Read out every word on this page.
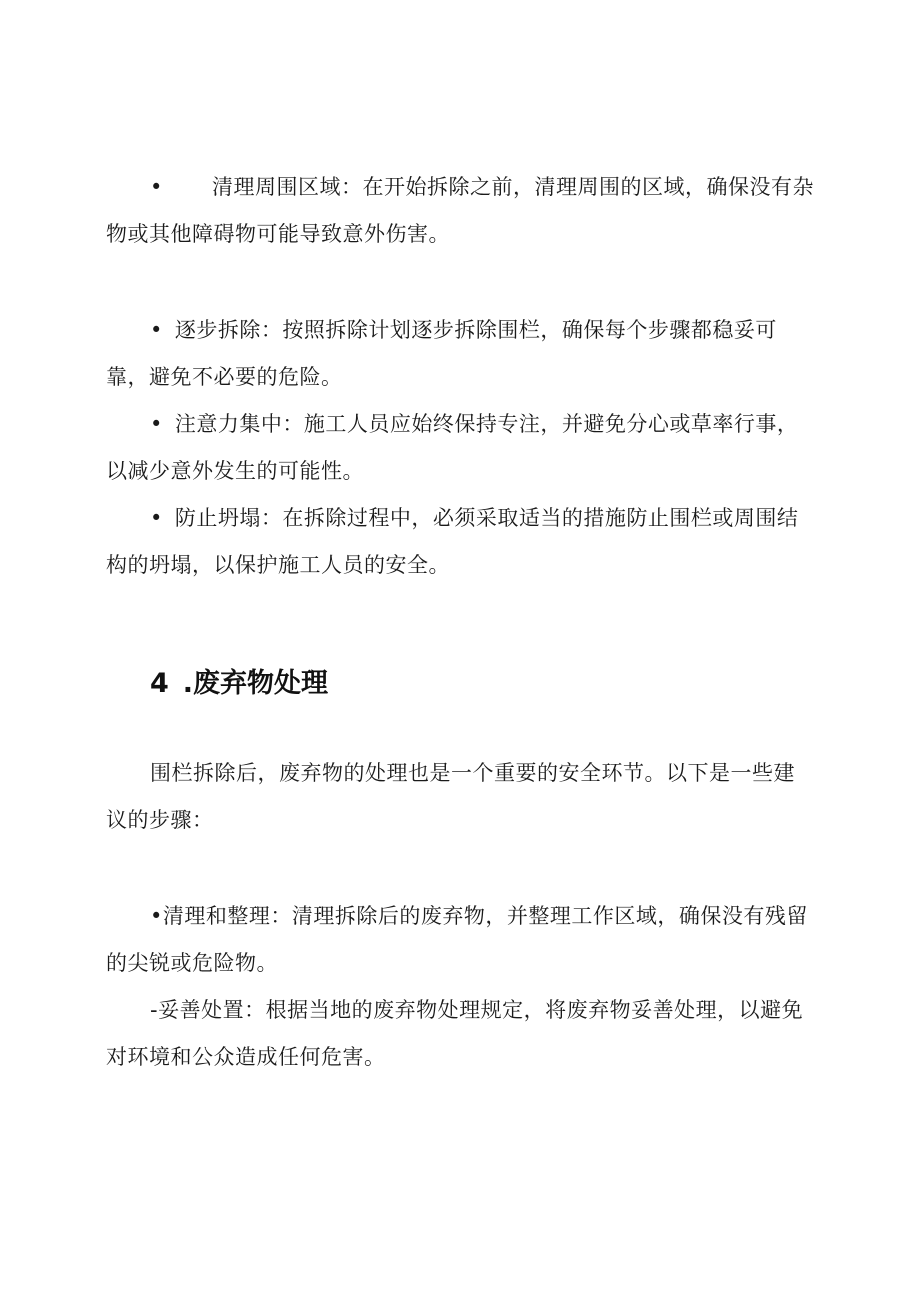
• 清理周围区域：在开始拆除之前，清理周围的区域，确保没有杂
物或其他障碍物可能导致意外伤害。
• 逐步拆除：按照拆除计划逐步拆除围栏，确保每个步骤都稳妥可
靠，避免不必要的危险。
• 注意力集中：施工人员应始终保持专注，并避免分心或草率行事，
以减少意外发生的可能性。
• 防止坍塌：在拆除过程中，必须采取适当的措施防止围栏或周围结
构的坍塌，以保护施工人员的安全。
4 .废弃物处理
围栏拆除后，废弃物的处理也是一个重要的安全环节。以下是一些建
议的步骤：
•清理和整理：清理拆除后的废弃物，并整理工作区域，确保没有残留
的尖锐或危险物。
-妥善处置：根据当地的废弃物处理规定，将废弃物妥善处理，以避免
对环境和公众造成任何危害。
